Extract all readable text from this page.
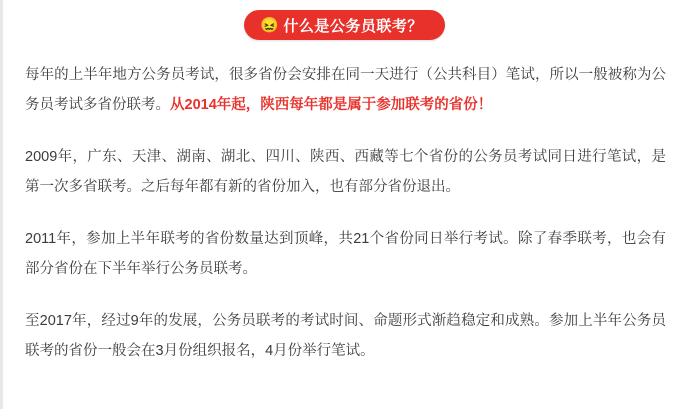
😖 什么是公务员联考？

每年的上半年地方公务员考试，很多省份会安排在同一天进行（公共科目）笔试，所以一般被称为公务员考试多省份联考。从2014年起，陕西每年都是属于参加联考的省份！

2009年，广东、天津、湖南、湖北、四川、陕西、西藏等七个省份的公务员考试同日进行笔试，是第一次多省联考。之后每年都有新的省份加入，也有部分省份退出。

2011年，参加上半年联考的省份数量达到顶峰，共21个省份同日举行考试。除了春季联考，也会有部分省份在下半年举行公务员联考。

至2017年，经过9年的发展，公务员联考的考试时间、命题形式渐趋稳定和成熟。参加上半年公务员联考的省份一般会在3月份组织报名，4月份举行笔试。
